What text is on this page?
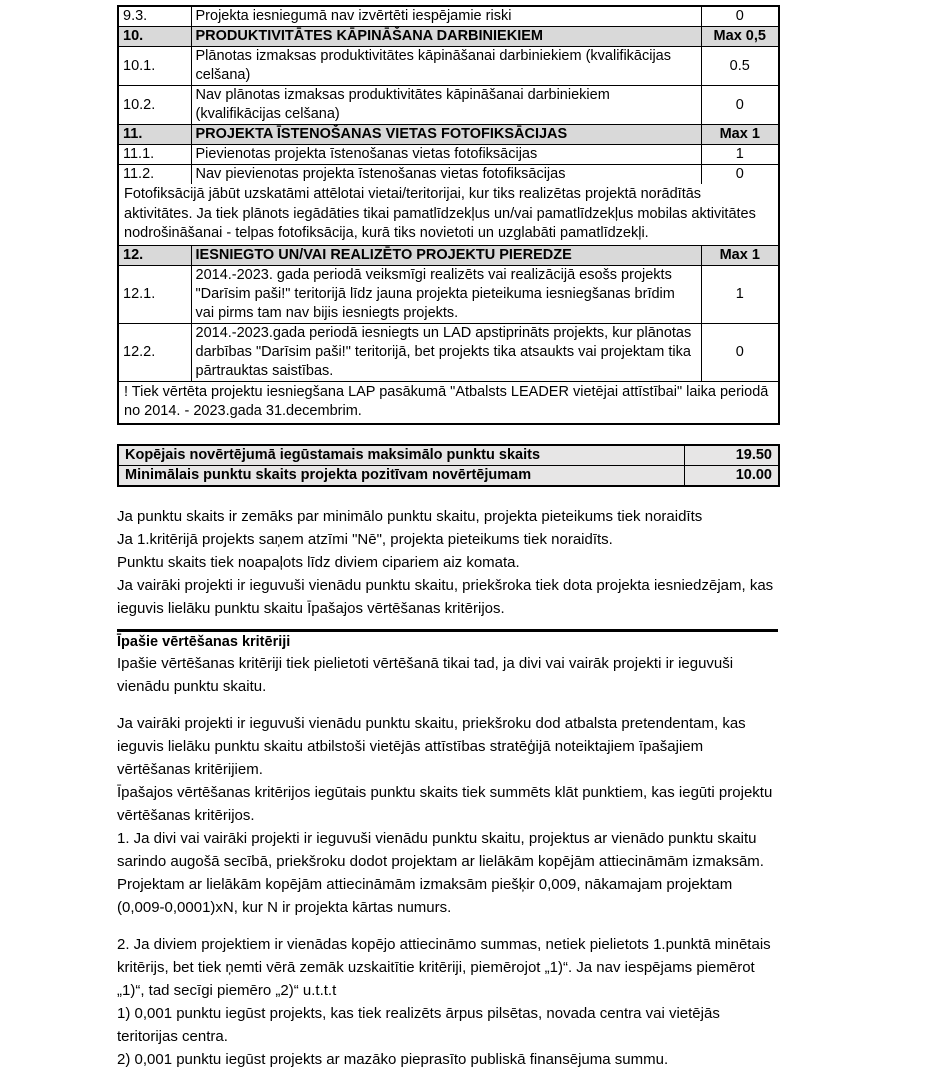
9.3.	Projekta iesniegumā nav izvērtēti iespējamie riski	0
10.	PRODUKTIVITĀTES KĀPINĀŠANA DARBINIEKIEM	Max 0,5
10.1.	Plānotas izmaksas produktivitātes kāpināšanai darbiniekiem (kvalifikācijas celšana)	0.5
10.2.	Nav plānotas izmaksas produktivitātes kāpināšanai darbiniekiem (kvalifikācijas celšana)	0
11.	PROJEKTA ĪSTENOŠANAS VIETAS FOTOFIKSĀCIJAS	Max 1
11.1.	Pievienotas projekta īstenošanas vietas fotofiksācijas	1
11.2.	Nav pievienotas projekta īstenošanas vietas fotofiksācijas	0
Fotofiksācijā jābūt uzskatāmi attēlotai vietai/teritorijai, kur tiks realizētas projektā norādītās aktivitātes. Ja tiek plānots iegādāties tikai pamatlīdzekļus un/vai pamatlīdzekļus mobilas aktivitātes nodrošināšanai - telpas fotofiksācija, kurā tiks novietoti un uzglabāti pamatlīdzekļi.		
12.	IESNIEGTO UN/VAI REALIZĒTO PROJEKTU PIEREDZE	Max 1
12.1.	2014.-2023. gada periodā veiksmīgi realizēts vai realizācijā esošs projekts "Darīsim paši!" teritorijā līdz jauna projekta pieteikuma iesniegšanas brīdim vai pirms tam nav bijis iesniegts projekts.	1
12.2.	2014.-2023.gada periodā iesniegts un LAD apstiprināts projekts, kur plānotas darbības "Darīsim paši!" teritorijā, bet projekts tika atsaukts vai projektam tika pārtrauktas saistības.	0
! Tiek vērtēta projektu iesniegšana LAP pasākumā "Atbalsts LEADER vietējai attīstībai" laika periodā no 2014. - 2023.gada 31.decembrim.		
Kopējais novērtējumā iegūstamais maksimālo punktu skaits	19.50
Minimālais punktu skaits projekta pozitīvam novērtējumam	10.00

Ja punktu skaits ir zemāks par minimālo punktu skaitu, projekta pieteikums tiek noraidīts

Ja 1.kritērijā projekts saņem atzīmi "Nē", projekta pieteikums tiek noraidīts.

Punktu skaits tiek noapaļots līdz diviem cipariem aiz komata.

Ja vairāki projekti ir ieguvuši vienādu punktu skaitu, priekšroka tiek dota projekta iesniedzējam, kas ieguvis lielāku punktu skaitu Īpašajos vērtēšanas kritērijos.

Īpašie vērtēšanas kritēriji

Ipašie vērtēšanas kritēriji tiek pielietoti vērtēšanā tikai tad, ja divi vai vairāk projekti ir ieguvuši vienādu punktu skaitu.

Ja vairāki projekti ir ieguvuši vienādu punktu skaitu, priekšroku dod atbalsta pretendentam, kas ieguvis lielāku punktu skaitu atbilstoši vietējās attīstības stratēģijā noteiktajiem īpašajiem vērtēšanas kritērijiem.

Īpašajos vērtēšanas kritērijos iegūtais punktu skaits tiek summēts klāt punktiem, kas iegūti projektu vērtēšanas kritērijos.

1. Ja divi vai vairāki projekti ir ieguvuši vienādu punktu skaitu, projektus ar vienādo punktu skaitu sarindo augošā secībā, priekšroku dodot projektam ar lielākām kopējām attiecināmām izmaksām. Projektam ar lielākām kopējām attiecināmām izmaksām piešķir 0,009, nākamajam projektam (0,009-0,0001)xN, kur N ir projekta kārtas numurs.

2. Ja diviem projektiem ir vienādas kopējo attiecināmo summas, netiek pielietots 1.punktā minētais kritērijs, bet tiek ņemti vērā zemāk uzskaitītie kritēriji, piemērojot „1)“. Ja nav iespējams piemērot „1)“, tad secīgi piemēro „2)“ u.t.t.t

1) 0,001 punktu iegūst projekts, kas tiek realizēts ārpus pilsētas, novada centra vai vietējās teritorijas centra.

2) 0,001 punktu iegūst projekts ar mazāko pieprasīto publiskā finansējuma summu.
